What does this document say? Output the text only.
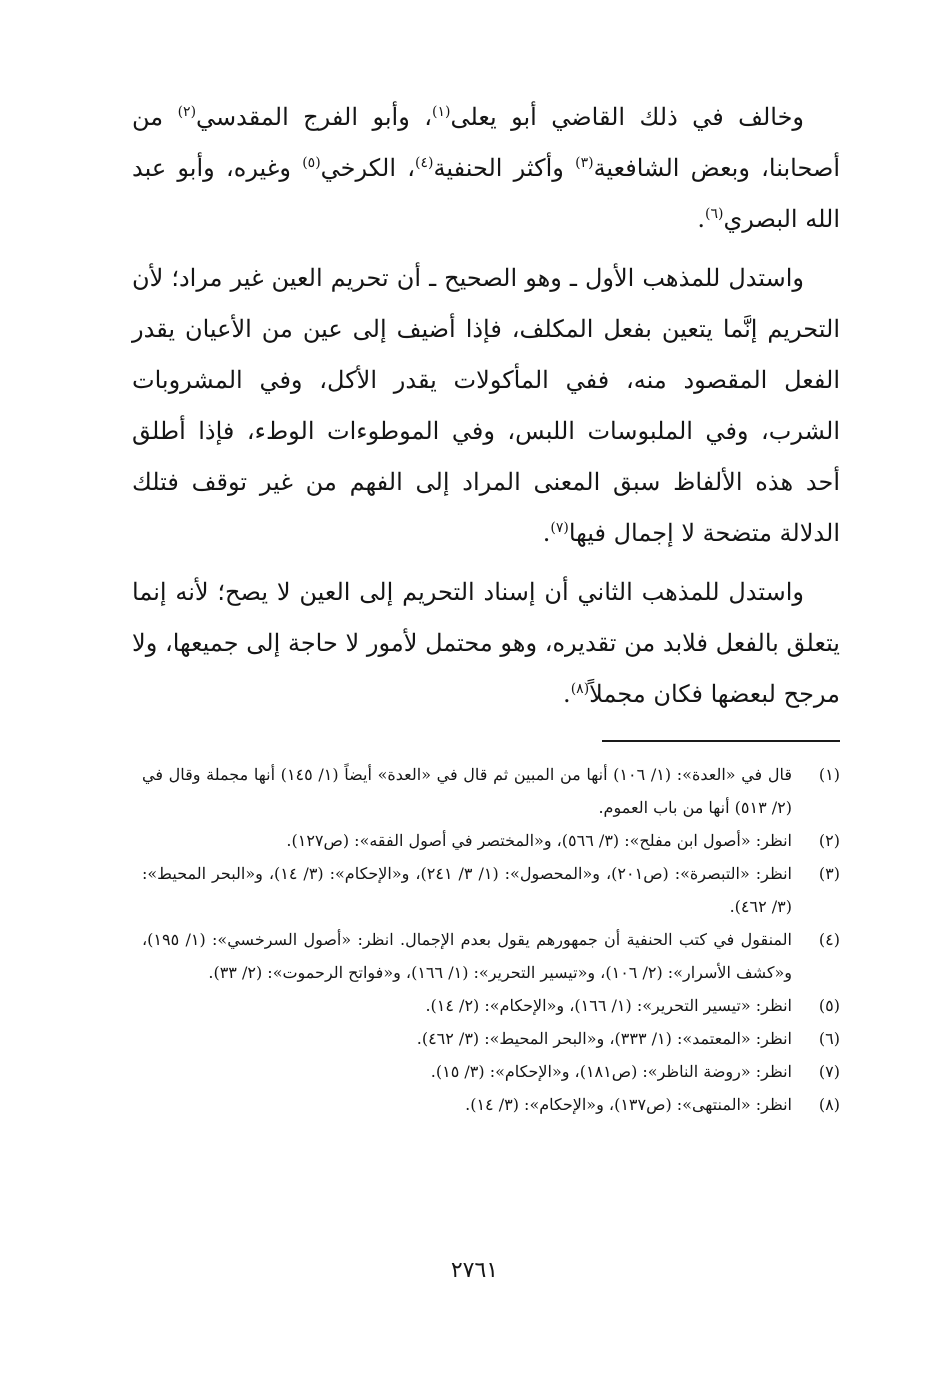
وخالف في ذلك القاضي أبو يعلى$^{(١)}$، وأبو الفرج المقدسي$^{(٢)}$ من أصحابنا، وبعض الشافعية$^{(٣)}$ وأكثر الحنفية$^{(٤)}$، الكرخي$^{(٥)}$ وغيره، وأبو عبد الله البصري$^{(٦)}$.

واستدل للمذهب الأول ـ وهو الصحيح ـ أن تحريم العين غير مراد؛ لأن التحريم إنَّما يتعين بفعل المكلف، فإذا أضيف إلى عين من الأعيان يقدر الفعل المقصود منه، ففي المأكولات يقدر الأكل، وفي المشروبات الشرب، وفي الملبوسات اللبس، وفي الموطوءات الوطء، فإذا أطلق أحد هذه الألفاظ سبق المعنى المراد إلى الفهم من غير توقف فتلك الدلالة متضحة لا إجمال فيها$^{(٧)}$.

واستدل للمذهب الثاني أن إسناد التحريم إلى العين لا يصح؛ لأنه إنما يتعلق بالفعل فلابد من تقديره، وهو محتمل لأمور لا حاجة إلى جميعها، ولا مرجح لبعضها فكان مجملاً$^{(٨)}$.

(١)
قال في «العدة»: (١/ ١٠٦) أنها من المبين ثم قال في «العدة» أيضاً (١/ ١٤٥) أنها مجملة وقال في (٢/ ٥١٣) أنها من باب العموم.
(٢)
انظر: «أصول ابن مفلح»: (٣/ ٥٦٦)، و«المختصر في أصول الفقه»: (ص١٢٧).
(٣)
انظر: «التبصرة»: (ص٢٠١)، و«المحصول»: (١/ ٣/ ٢٤١)، و«الإحكام»: (٣/ ١٤)، و«البحر المحيط»: (٣/ ٤٦٢).
(٤)
المنقول في كتب الحنفية أن جمهورهم يقول بعدم الإجمال. انظر: «أصول السرخسي»: (١/ ١٩٥)، و«كشف الأسرار»: (٢/ ١٠٦)، و«تيسير التحرير»: (١/ ١٦٦)، و«فواتح الرحموت»: (٢/ ٣٣).
(٥)
انظر: «تيسير التحرير»: (١/ ١٦٦)، و«الإحكام»: (٢/ ١٤).
(٦)
انظر: «المعتمد»: (١/ ٣٣٣)، و«البحر المحيط»: (٣/ ٤٦٢).
(٧)
انظر: «روضة الناظر»: (ص١٨١)، و«الإحكام»: (٣/ ١٥).
(٨)
انظر: «المنتهى»: (ص١٣٧)، و«الإحكام»: (٣/ ١٤).
٢٧٦١
